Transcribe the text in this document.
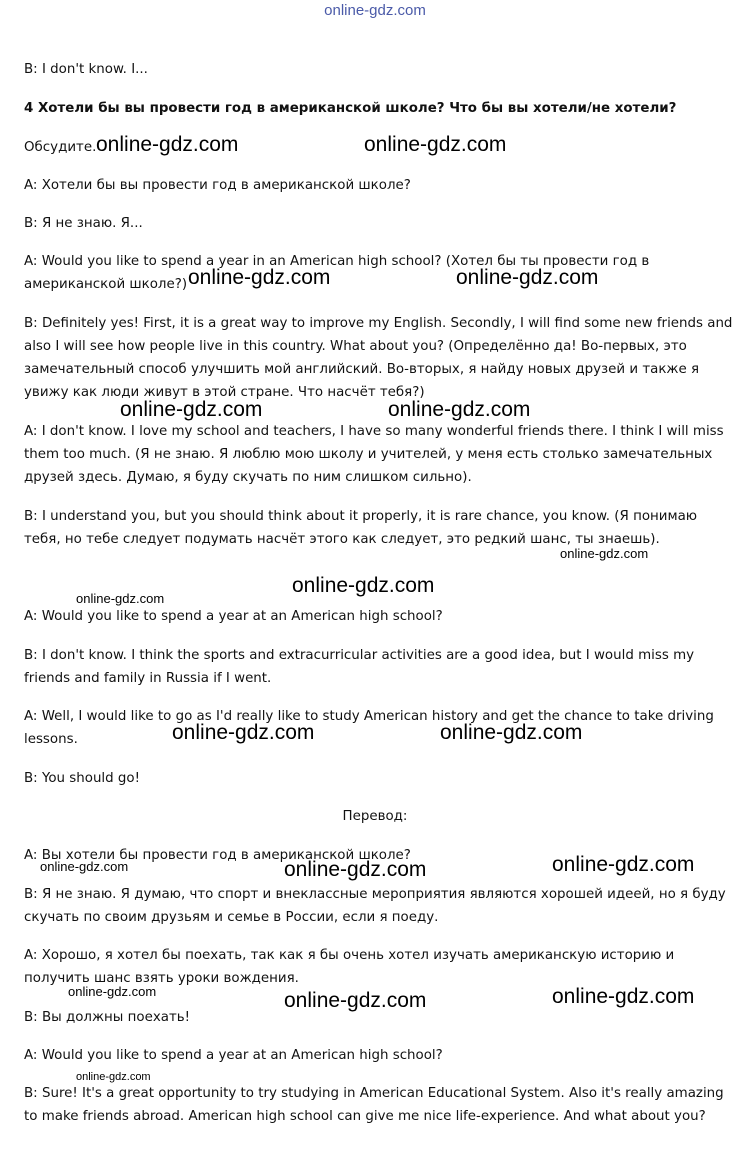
online-gdz.com

B: I don't know. I...

4 Хотели бы вы провести год в американской школе? Что бы вы хотели/не хотели?

Обсудите.

A: Хотели бы вы провести год в американской школе?

B: Я не знаю. Я...

A: Would you like to spend a year in an American high school? (Хотел бы ты провести год в американской школе?)

B: Definitely yes! First, it is a great way to improve my English. Secondly, I will find some new friends and also I will see how people live in this country. What about you? (Определённо да! Во-первых, это замечательный способ улучшить мой английский. Во-вторых, я найду новых друзей и также я увижу как люди живут в этой стране. Что насчёт тебя?)

A: I don't know. I love my school and teachers, I have so many wonderful friends there. I think I will miss them too much. (Я не знаю. Я люблю мою школу и учителей, у меня есть столько замечательных друзей здесь. Думаю, я буду скучать по ним слишком сильно).

B: I understand you, but you should think about it properly, it is rare chance, you know. (Я понимаю тебя, но тебе следует подумать насчёт этого как следует, это редкий шанс, ты знаешь).

A: Would you like to spend a year at an American high school?

B: I don't know. I think the sports and extracurricular activities are a good idea, but I would miss my friends and family in Russia if I went.

A: Well, I would like to go as I'd really like to study American history and get the chance to take driving lessons.

B: You should go!

Перевод:

A: Вы хотели бы провести год в американской школе?

B: Я не знаю. Я думаю, что спорт и внеклассные мероприятия являются хорошей идеей, но я буду скучать по своим друзьям и семье в России, если я поеду.

A: Хорошо, я хотел бы поехать, так как я бы очень хотел изучать американскую историю и получить шанс взять уроки вождения.

B: Вы должны поехать!

A: Would you like to spend a year at an American high school?

B: Sure! It's a great opportunity to try studying in American Educational System. Also it's really amazing to make friends abroad. American high school can give me nice life-experience. And what about you?

online-gdz.com	online-gdz.com
online-gdz.com	online-gdz.com
online-gdz.com	online-gdz.com
online-gdz.com
online-gdz.com
online-gdz.com
online-gdz.com	online-gdz.com
online-gdz.com	online-gdz.com	online-gdz.com
online-gdz.com	online-gdz.com	online-gdz.com
online-gdz.com
